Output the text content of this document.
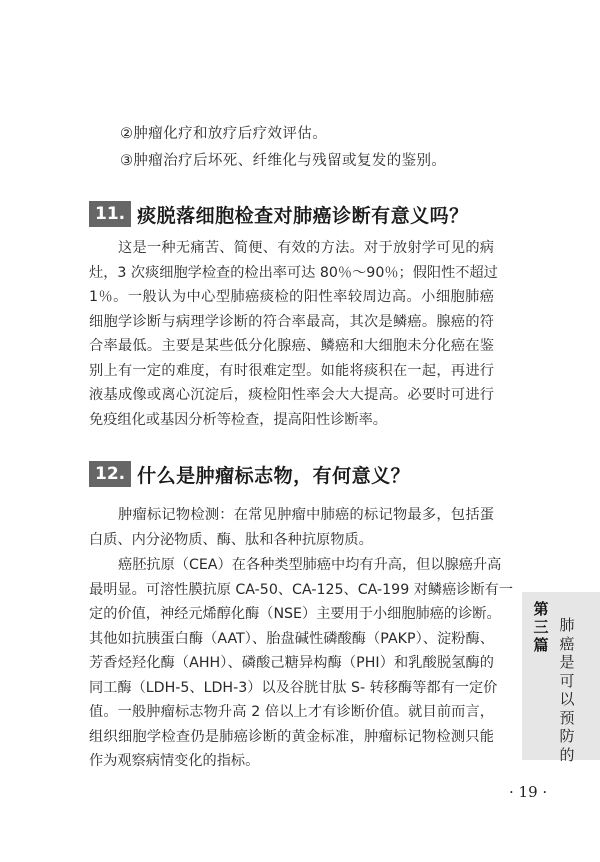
②肿瘤化疗和放疗后疗效评估。
③肿瘤治疗后坏死、纤维化与残留或复发的鉴别。
11. 痰脱落细胞检查对肺癌诊断有意义吗？
这是一种无痛苦、简便、有效的方法。对于放射学可见的病
灶，3 次痰细胞学检查的检出率可达 80％～90％；假阳性不超过
1％。一般认为中心型肺癌痰检的阳性率较周边高。小细胞肺癌
细胞学诊断与病理学诊断的符合率最高，其次是鳞癌。腺癌的符
合率最低。主要是某些低分化腺癌、鳞癌和大细胞未分化癌在鉴
别上有一定的难度，有时很难定型。如能将痰积在一起，再进行
液基成像或离心沉淀后，痰检阳性率会大大提高。必要时可进行
免疫组化或基因分析等检查，提高阳性诊断率。
12. 什么是肿瘤标志物，有何意义？
肿瘤标记物检测：在常见肿瘤中肺癌的标记物最多，包括蛋
白质、内分泌物质、酶、肽和各种抗原物质。
癌胚抗原（CEA）在各种类型肺癌中均有升高，但以腺癌升高
最明显。可溶性膜抗原 CA-50、CA-125、CA-199 对鳞癌诊断有一
定的价值，神经元烯醇化酶（NSE）主要用于小细胞肺癌的诊断。
其他如抗胰蛋白酶（AAT）、胎盘碱性磷酸酶（PAKP）、淀粉酶、
芳香烃羟化酶（AHH）、磷酸己糖异构酶（PHI）和乳酸脱氢酶的
同工酶（LDH-5、LDH-3）以及谷胱甘肽 S- 转移酶等都有一定价
值。一般肿瘤标志物升高 2 倍以上才有诊断价值。就目前而言，
组织细胞学检查仍是肺癌诊断的黄金标准，肿瘤标记物检测只能
作为观察病情变化的指标。
第三篇
肺癌是可以预防的
· 19 ·
